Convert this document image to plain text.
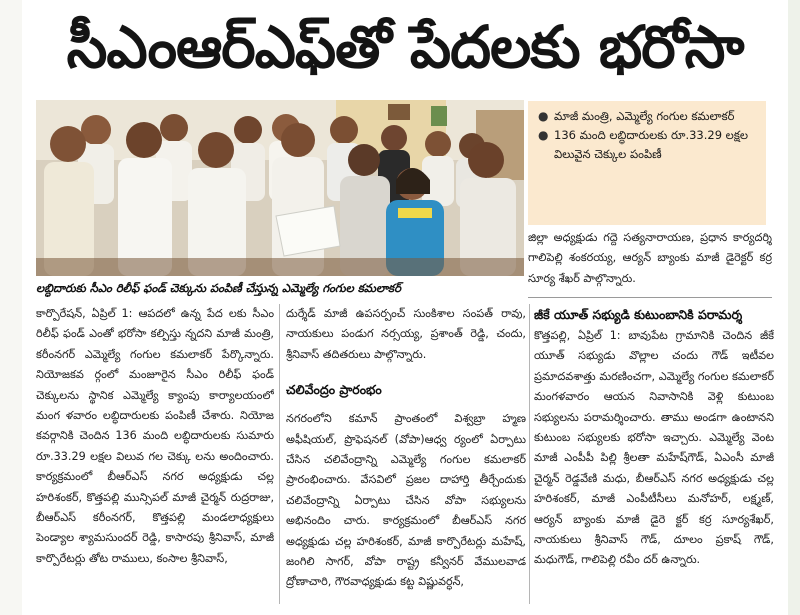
సీఎంఆర్‌ఎఫ్‌తో పేదలకు భరోసా
లబ్ధిదారుకు సీఎం రిలీఫ్ ఫండ్ చెక్కును పంపిణీ చేస్తున్న ఎమ్మెల్యే గంగుల కమలాకర్
● మాజీ మంత్రి, ఎమ్మెల్యే గంగుల కమలాకర్
● 136 మంది లబ్ధిదారులకు రూ.33.29 లక్షల విలువైన చెక్కుల పంపిణీ
జిల్లా అధ్యక్షుడు గద్దె సత్యనారాయణ, ప్రధాన కార్యదర్శి గాలిపెల్లి శంకరయ్య, ఆర్యన్ బ్యాంకు మాజీ డైరెక్టర్ కర్ర సూర్య శేఖర్ పాల్గొన్నారు.
కార్పొరేషన్, ఏప్రిల్ 1: ఆపదలో ఉన్న పేద లకు సీఎం రిలీఫ్ ఫండ్ ఎంతో భరోసా కల్పిస్తు న్నదని మాజీ మంత్రి, కరీంనగర్ ఎమ్మెల్యే గంగుల కమలాకర్ పేర్కొన్నారు. నియోజకవ ర్గంలో మంజూరైన సీఎం రిలీఫ్ ఫండ్ చెక్కులను స్థానిక ఎమ్మెల్యే క్యాంపు కార్యాలయంలో మంగ ళవారం లబ్ధిదారులకు పంపిణీ చేశారు. నియోజ కవర్గానికి చెందిన 136 మంది లబ్ధిదారులకు సుమారు రూ.33.29 లక్షల విలువ గల చెక్కు లను అందించారు. కార్యక్రమంలో బీఆర్ఎస్ నగర అధ్యక్షుడు చల్ల హరిశంకర్, కొత్తపల్లి మున్సిపల్ మాజీ చైర్మన్ రుద్రరాజు, బీఆర్ఎస్ కరీంనగర్, కొత్తపల్లి మండలాధ్యక్షులు పెండ్యాల శ్యామసుందర్ రెడ్డి, కాసారపు శ్రీనివాస్, మాజీ కార్పొరేటర్లు తోట రాములు, కంసాల శ్రీనివాస్,
దుర్శేడ్ మాజీ ఉపసర్పంచ్ సుంకిశాల సంపత్ రావు, నాయకులు పండుగ నర్సయ్య, ప్రశాంత్ రెడ్డి, చందు, శ్రీనివాస్ తదితరులు పాల్గొన్నారు.
చలివేంద్రం ప్రారంభం
నగరంలోని కమాన్ ప్రాంతంలో విశ్వబ్రా హ్మణ అఫీషియల్, ప్రొఫెషనల్ (వోపా)ఆధ్వ ర్యంలో ఏర్పాటు చేసిన చలివేంద్రాన్ని ఎమ్మెల్యే గంగుల కమలాకర్ ప్రారంభించారు. వేసవిలో ప్రజల దాహార్తి తీర్చేందుకు చలివేంద్రాన్ని ఏర్పాటు చేసిన వోపా సభ్యులను అభినందిం చారు. కార్యక్రమంలో బీఆర్ఎస్ నగర అధ్యక్షుడు చల్ల హరిశంకర్, మాజీ కార్పొరేటర్లు మహేష్, జంగిలి సాగర్, వోపా రాష్ట్ర కన్వీనర్ వేములవాడ ద్రోణాచారి, గౌరవాధ్యక్షుడు కట్ట విష్ణువర్ధన్,
జీకే యూత్ సభ్యుడి కుటుంబానికి పరామర్శ
కొత్తపల్లి, ఏప్రిల్ 1: బావుపేట గ్రామానికి చెందిన జీకే యూత్ సభ్యుడు వొల్లాల చందు గౌడ్ ఇటీవల ప్రమాదవశాత్తు మరణించగా, ఎమ్మెల్యే గంగుల కమలాకర్ మంగళవారం ఆయన నివాసానికి వెళ్లి కుటుంబ సభ్యులను పరామర్శించారు. తాము అండగా ఉంటానని కుటుంబ సభ్యులకు భరోసా ఇచ్చారు. ఎమ్మెల్యే వెంట మాజీ ఎంపీపీ పిల్లి శ్రీలతా మహేష్‌గౌడ్, ఏఎంసీ మాజీ చైర్మన్ రెడ్డవేణి మధు, బీఆర్ఎస్ నగర అధ్యక్షుడు చల్ల హరిశంకర్, మాజీ ఎంపీటీసీలు మనోహర్, లక్ష్మణ్, ఆర్యన్ బ్యాంకు మాజీ డైరె క్టర్ కర్ర సూర్యశేఖర్, నాయకులు శ్రీనివాస్ గౌడ్, దూలం ప్రకాష్ గౌడ్, మధుగౌడ్, గాలిపెల్లి రవీం దర్ ఉన్నారు.
